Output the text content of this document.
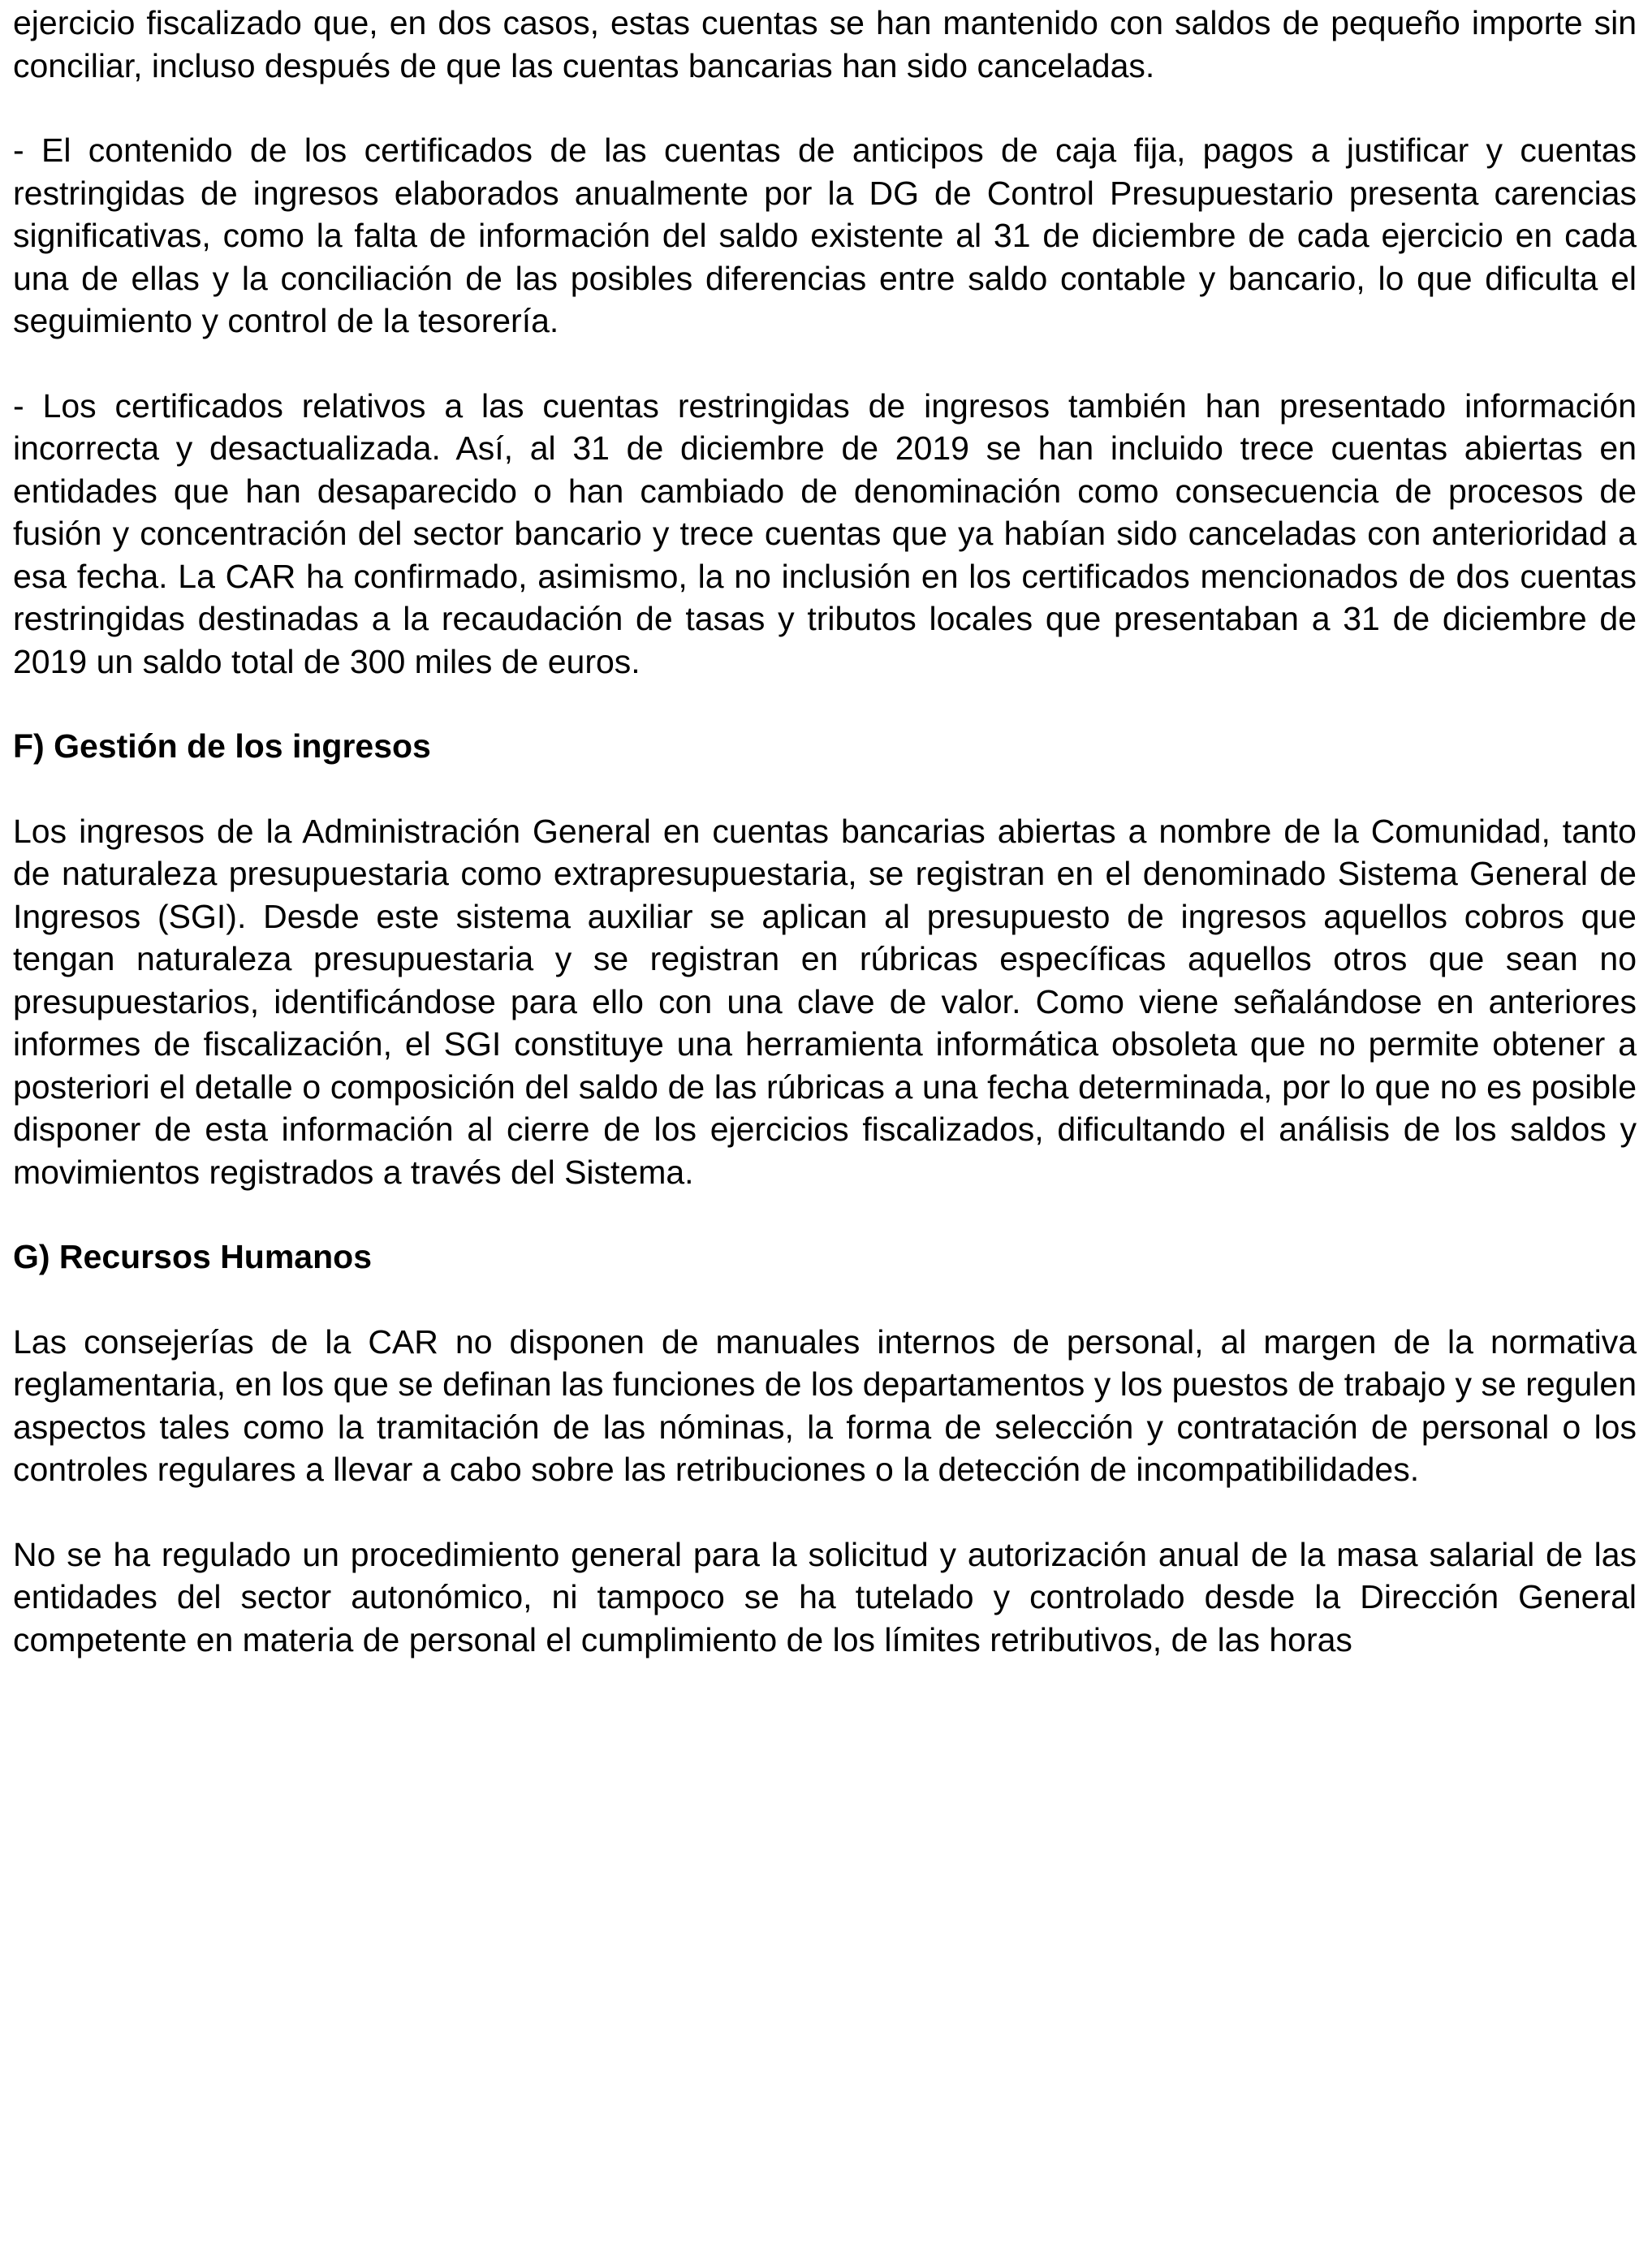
ejercicio fiscalizado que, en dos casos, estas cuentas se han mantenido con saldos de pequeño importe sin conciliar, incluso después de que las cuentas bancarias han sido canceladas.

- El contenido de los certificados de las cuentas de anticipos de caja fija, pagos a justificar y cuentas restringidas de ingresos elaborados anualmente por la DG de Control Presupuestario presenta carencias significativas, como la falta de información del saldo existente al 31 de diciembre de cada ejercicio en cada una de ellas y la conciliación de las posibles diferencias entre saldo contable y bancario, lo que dificulta el seguimiento y control de la tesorería.

- Los certificados relativos a las cuentas restringidas de ingresos también han presentado información incorrecta y desactualizada. Así, al 31 de diciembre de 2019 se han incluido trece cuentas abiertas en entidades que han desaparecido o han cambiado de denominación como consecuencia de procesos de fusión y concentración del sector bancario y trece cuentas que ya habían sido canceladas con anterioridad a esa fecha. La CAR ha confirmado, asimismo, la no inclusión en los certificados mencionados de dos cuentas restringidas destinadas a la recaudación de tasas y tributos locales que presentaban a 31 de diciembre de 2019 un saldo total de 300 miles de euros.

F) Gestión de los ingresos

Los ingresos de la Administración General en cuentas bancarias abiertas a nombre de la Comunidad, tanto de naturaleza presupuestaria como extrapresupuestaria, se registran en el denominado Sistema General de Ingresos (SGI). Desde este sistema auxiliar se aplican al presupuesto de ingresos aquellos cobros que tengan naturaleza presupuestaria y se registran en rúbricas específicas aquellos otros que sean no presupuestarios, identificándose para ello con una clave de valor. Como viene señalándose en anteriores informes de fiscalización, el SGI constituye una herramienta informática obsoleta que no permite obtener a posteriori el detalle o composición del saldo de las rúbricas a una fecha determinada, por lo que no es posible disponer de esta información al cierre de los ejercicios fiscalizados, dificultando el análisis de los saldos y movimientos registrados a través del Sistema.

G) Recursos Humanos

Las consejerías de la CAR no disponen de manuales internos de personal, al margen de la normativa reglamentaria, en los que se definan las funciones de los departamentos y los puestos de trabajo y se regulen aspectos tales como la tramitación de las nóminas, la forma de selección y contratación de personal o los controles regulares a llevar a cabo sobre las retribuciones o la detección de incompatibilidades.

No se ha regulado un procedimiento general para la solicitud y autorización anual de la masa salarial de las entidades del sector autonómico, ni tampoco se ha tutelado y controlado desde la Dirección General competente en materia de personal el cumplimiento de los límites retributivos, de las horas
